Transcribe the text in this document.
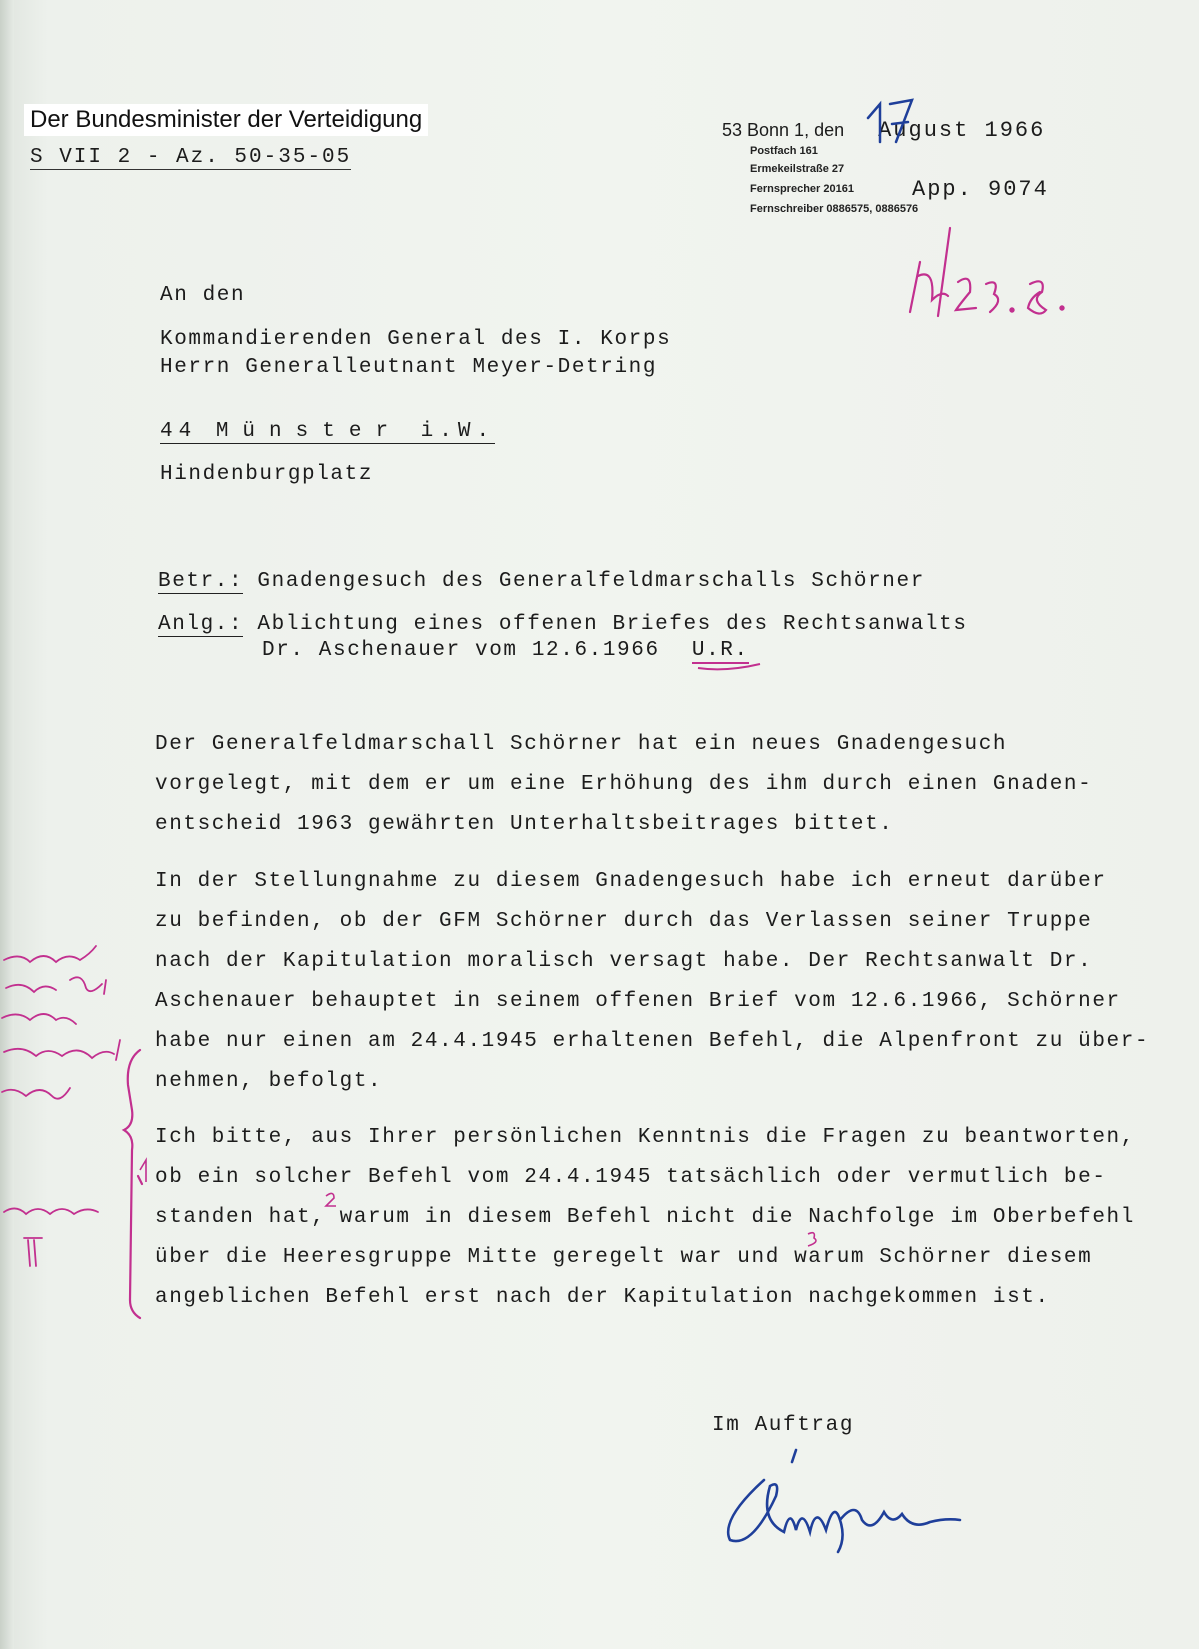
Der Bundesminister der Verteidigung
S VII 2 - Az. 50-35-05
53 Bonn 1, den August 1966
Postfach 161
Ermekeilstraße 27
Fernsprecher 20161
Fernschreiber 0886575, 0886576
App. 9074
An den
Kommandierenden General des I. Korps
Herrn Generalleutnant Meyer-Detring
44 Münster i.W.
Hindenburgplatz
Betr.: Gnadengesuch des Generalfeldmarschalls Schörner
Anlg.: Ablichtung eines offenen Briefes des Rechtsanwalts
Dr. Aschenauer vom 12.6.1966 U.R.
Der Generalfeldmarschall Schörner hat ein neues Gnadengesuch
vorgelegt, mit dem er um eine Erhöhung des ihm durch einen Gnaden-
entscheid 1963 gewährten Unterhaltsbeitrages bittet.
In der Stellungnahme zu diesem Gnadengesuch habe ich erneut darüber
zu befinden, ob der GFM Schörner durch das Verlassen seiner Truppe
nach der Kapitulation moralisch versagt habe. Der Rechtsanwalt Dr.
Aschenauer behauptet in seinem offenen Brief vom 12.6.1966, Schörner
habe nur einen am 24.4.1945 erhaltenen Befehl, die Alpenfront zu über-
nehmen, befolgt.
Ich bitte, aus Ihrer persönlichen Kenntnis die Fragen zu beantworten,
ob ein solcher Befehl vom 24.4.1945 tatsächlich oder vermutlich be-
standen hat, warum in diesem Befehl nicht die Nachfolge im Oberbefehl
über die Heeresgruppe Mitte geregelt war und warum Schörner diesem
angeblichen Befehl erst nach der Kapitulation nachgekommen ist.
Im Auftrag
